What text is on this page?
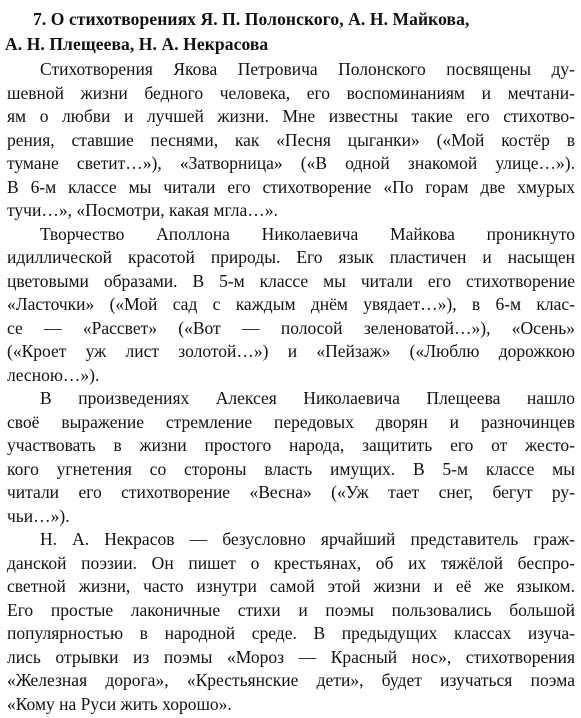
7. О стихотворениях Я. П. Полонского, А. Н. Майкова,
А. Н. Плещеева, Н. А. Некрасова

Стихотворения Якова Петровича Полонского посвящены ду-
шевной жизни бедного человека, его воспоминаниям и мечтани-
ям о любви и лучшей жизни. Мне известны такие его стихотво-
рения, ставшие песнями, как «Песня цыганки» («Мой костёр в
тумане светит…»), «Затворница» («В одной знакомой улице…»).
В 6-м классе мы читали его стихотворение «По горам две хмурых
тучи…», «Посмотри, какая мгла…».

Творчество Аполлона Николаевича Майкова проникнуто
идиллической красотой природы. Его язык пластичен и насыщен
цветовыми образами. В 5-м классе мы читали его стихотворение
«Ласточки» («Мой сад с каждым днём увядает…»), в 6-м клас-
се — «Рассвет» («Вот — полосой зеленоватой…»), «Осень»
(«Кроет уж лист золотой…») и «Пейзаж» («Люблю дорожкою
лесною…»).

В произведениях Алексея Николаевича Плещеева нашло
своё выражение стремление передовых дворян и разночинцев
участвовать в жизни простого народа, защитить его от жесто-
кого угнетения со стороны власть имущих. В 5-м классе мы
читали его стихотворение «Весна» («Уж тает снег, бегут ру-
чьи…»).

Н. А. Некрасов — безусловно ярчайший представитель граж-
данской поэзии. Он пишет о крестьянах, об их тяжёлой беспро-
светной жизни, часто изнутри самой этой жизни и её же языком.
Его простые лаконичные стихи и поэмы пользовались большой
популярностью в народной среде. В предыдущих классах изуча-
лись отрывки из поэмы «Мороз — Красный нос», стихотворения
«Железная дорога», «Крестьянские дети», будет изучаться поэма
«Кому на Руси жить хорошо».
